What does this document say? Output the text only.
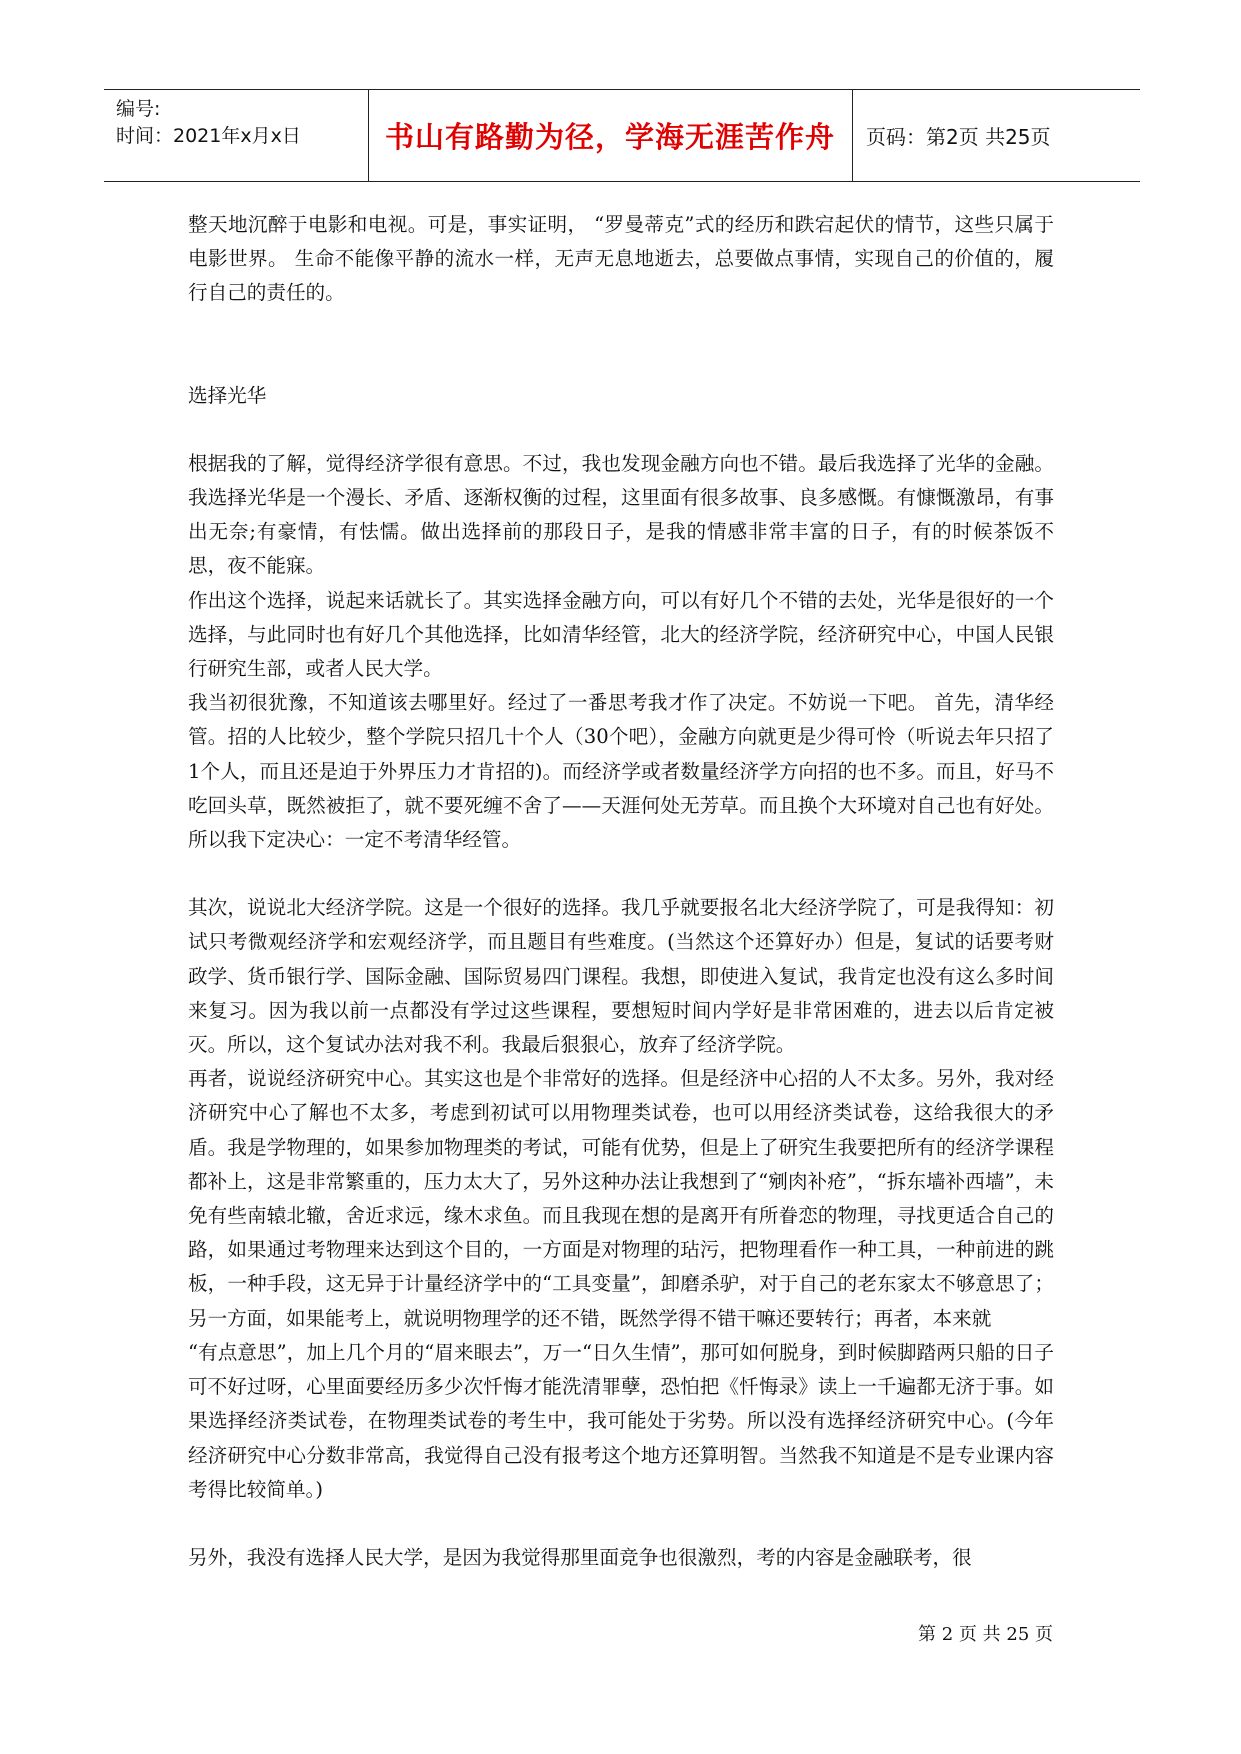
编号:
时间：2021年x月x日	书山有路勤为径，学海无涯苦作舟 页码：第2页 共25页

整天地沉醉于电影和电视。可是，事实证明， “罗曼蒂克”式的经历和跌宕起伏的情节，这些只属于电影世界。 生命不能像平静的流水一样，无声无息地逝去，总要做点事情，实现自己的价值的，履行自己的责任的。

选择光华

根据我的了解，觉得经济学很有意思。不过，我也发现金融方向也不错。最后我选择了光华的金融。 我选择光华是一个漫长、矛盾、逐渐权衡的过程，这里面有很多故事、良多感慨。有慷慨激昂，有事出无奈;有豪情，有怯懦。做出选择前的那段日子，是我的情感非常丰富的日子，有的时候茶饭不思，夜不能寐。

作出这个选择，说起来话就长了。其实选择金融方向，可以有好几个不错的去处，光华是很好的一个选择，与此同时也有好几个其他选择，比如清华经管，北大的经济学院，经济研究中心，中国人民银行研究生部，或者人民大学。

我当初很犹豫，不知道该去哪里好。经过了一番思考我才作了决定。不妨说一下吧。 首先，清华经管。招的人比较少，整个学院只招几十个人（30个吧），金融方向就更是少得可怜（听说去年只招了1个人，而且还是迫于外界压力才肯招的)。而经济学或者数量经济学方向招的也不多。而且，好马不吃回头草，既然被拒了，就不要死缠不舍了——天涯何处无芳草。而且换个大环境对自己也有好处。所以我下定决心：一定不考清华经管。

其次，说说北大经济学院。这是一个很好的选择。我几乎就要报名北大经济学院了，可是我得知：初试只考微观经济学和宏观经济学，而且题目有些难度。(当然这个还算好办）但是，复试的话要考财政学、货币银行学、国际金融、国际贸易四门课程。我想，即使进入复试，我肯定也没有这么多时间来复习。因为我以前一点都没有学过这些课程，要想短时间内学好是非常困难的，进去以后肯定被灭。所以，这个复试办法对我不利。我最后狠狠心，放弃了经济学院。

再者，说说经济研究中心。其实这也是个非常好的选择。但是经济中心招的人不太多。另外，我对经济研究中心了解也不太多，考虑到初试可以用物理类试卷，也可以用经济类试卷，这给我很大的矛盾。我是学物理的，如果参加物理类的考试，可能有优势，但是上了研究生我要把所有的经济学课程都补上，这是非常繁重的，压力太大了，另外这种办法让我想到了“剜肉补疮”，“拆东墙补西墙”，未免有些南辕北辙，舍近求远，缘木求鱼。而且我现在想的是离开有所眷恋的物理，寻找更适合自己的路，如果通过考物理来达到这个目的，一方面是对物理的玷污，把物理看作一种工具，一种前进的跳板，一种手段，这无异于计量经济学中的“工具变量”，卸磨杀驴，对于自己的老东家太不够意思了；另一方面，如果能考上，就说明物理学的还不错，既然学得不错干嘛还要转行；再者，本来就

“有点意思”，加上几个月的“眉来眼去”，万一“日久生情”，那可如何脱身，到时候脚踏两只船的日子可不好过呀，心里面要经历多少次忏悔才能洗清罪孽，恐怕把《忏悔录》读上一千遍都无济于事。如果选择经济类试卷，在物理类试卷的考生中，我可能处于劣势。所以没有选择经济研究中心。(今年经济研究中心分数非常高，我觉得自己没有报考这个地方还算明智。当然我不知道是不是专业课内容考得比较简单。)

另外，我没有选择人民大学，是因为我觉得那里面竞争也很激烈，考的内容是金融联考，很

第 2 页 共 25 页
